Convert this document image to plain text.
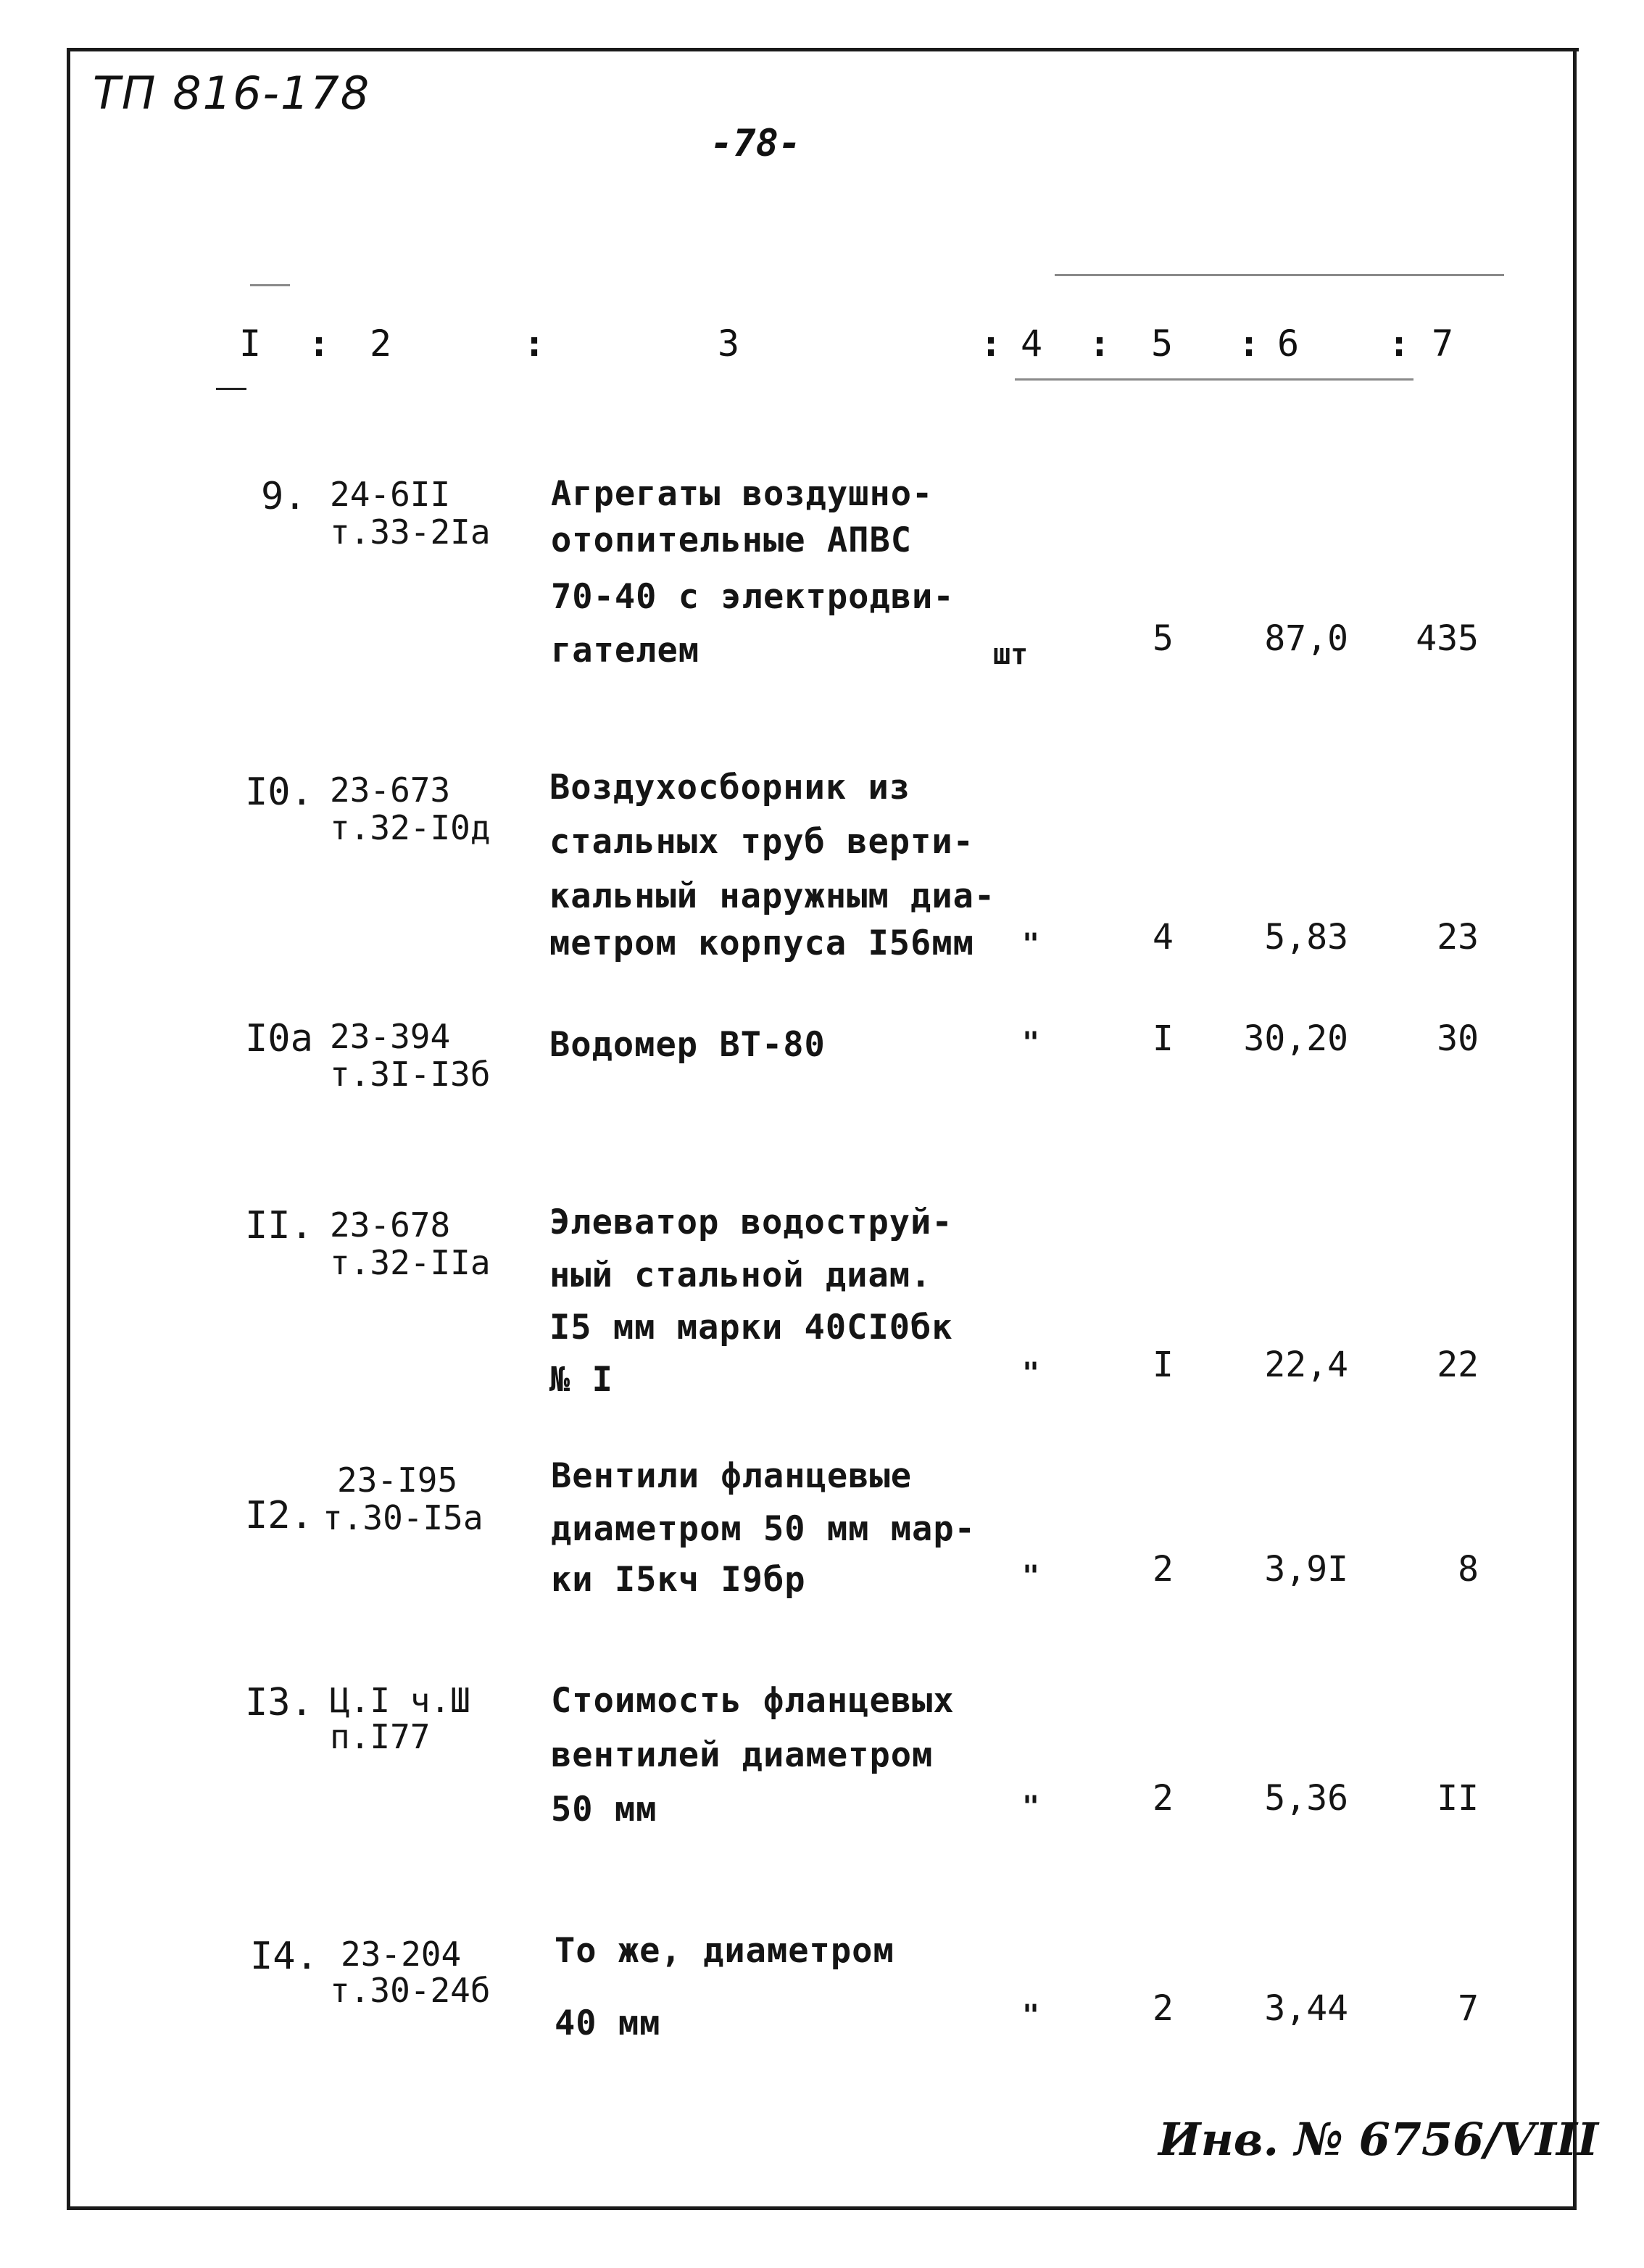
ТП 816-178
-78-
I : 2	:	3	: 4 : 5 : 6 : 7
9. 24-6II
т.33-2Iа
Агрегаты воздушно-
отопительные АПВС
70-40 с электродви-
гателем	шт	5	87,0	435
I0. 23-673
т.32-I0д
Воздухосборник из
стальных труб верти-
кальный наружным диа-
метром корпуса I56мм "	4	5,83	23
I0а 23-394
т.3I-I3б
Водомер ВТ-80	"	I	30,20	30
II. 23-678
т.32-IIа
Элеватор водоструй-
ный стальной диам.
I5 мм марки 40СI0бк
№ I	"	I	22,4	22
I2.
23-I95
т.30-I5а
Вентили фланцевые
диаметром 50 мм мар-
ки I5кч I9бр	"	2	3,9I	8
I3. Ц.I ч.Ш
п.I77
Стоимость фланцевых
вентилей диаметром
50 мм	"	2	5,36	II
I4. 23-204
т.30-24б
То же, диаметром
40 мм	"	2	3,44	7
Инв. № 6756/VIII
